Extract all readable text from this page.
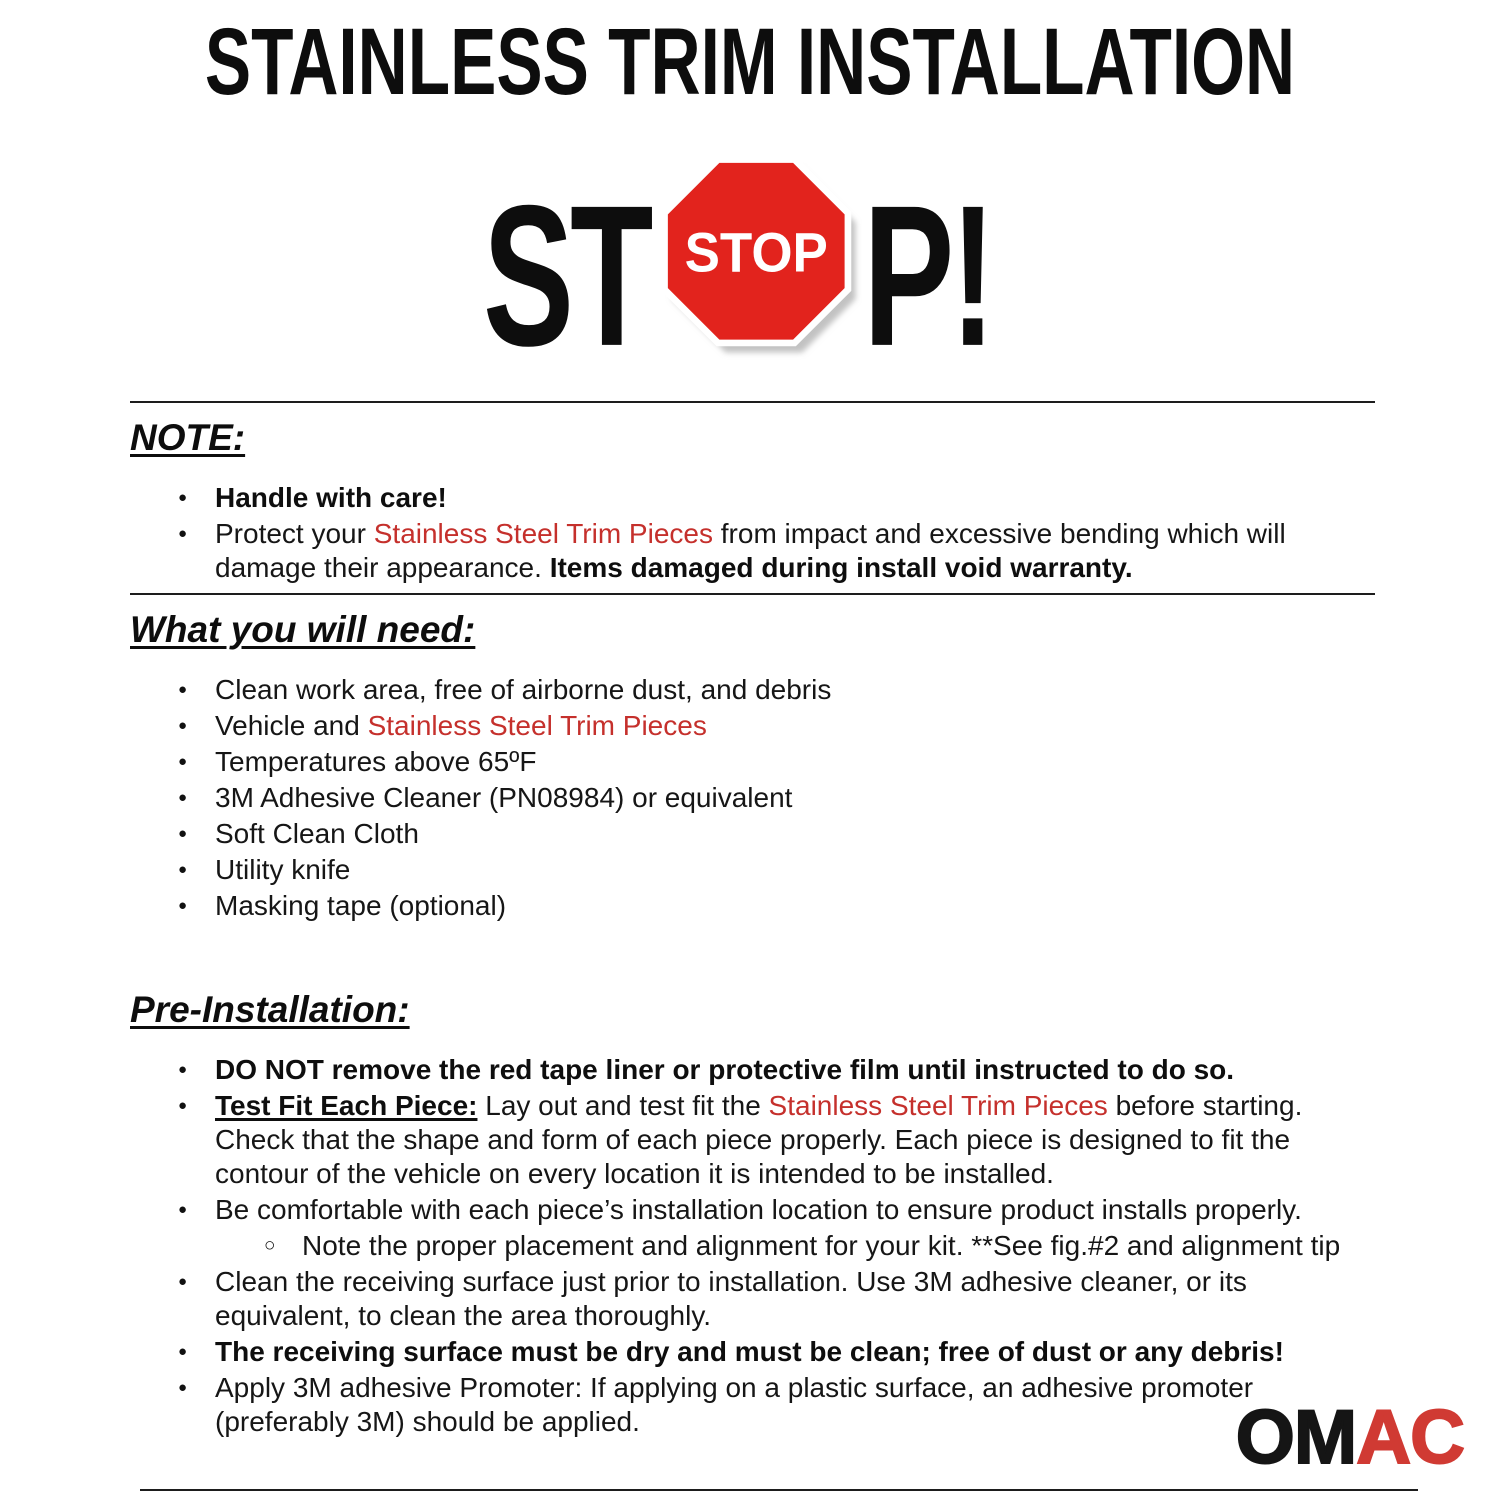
STAINLESS TRIM INSTALLATION
ST STOP P!
NOTE:
● Handle with care!
● Protect your Stainless Steel Trim Pieces from impact and excessive bending which will damage their appearance. Items damaged during install void warranty.
What you will need:
● Clean work area, free of airborne dust, and debris
● Vehicle and Stainless Steel Trim Pieces
● Temperatures above 65ºF
● 3M Adhesive Cleaner (PN08984) or equivalent
● Soft Clean Cloth
● Utility knife
● Masking tape (optional)
Pre-Installation:
● DO NOT remove the red tape liner or protective film until instructed to do so.
● Test Fit Each Piece: Lay out and test fit the Stainless Steel Trim Pieces before starting. Check that the shape and form of each piece properly. Each piece is designed to fit the contour of the vehicle on every location it is intended to be installed.
● Be comfortable with each piece’s installation location to ensure product installs properly.
○ Note the proper placement and alignment for your kit. **See fig.#2 and alignment tip
● Clean the receiving surface just prior to installation. Use 3M adhesive cleaner, or its equivalent, to clean the area thoroughly.
● The receiving surface must be dry and must be clean; free of dust or any debris!
● Apply 3M adhesive Promoter: If applying on a plastic surface, an adhesive promoter (preferably 3M) should be applied.	OMAC
